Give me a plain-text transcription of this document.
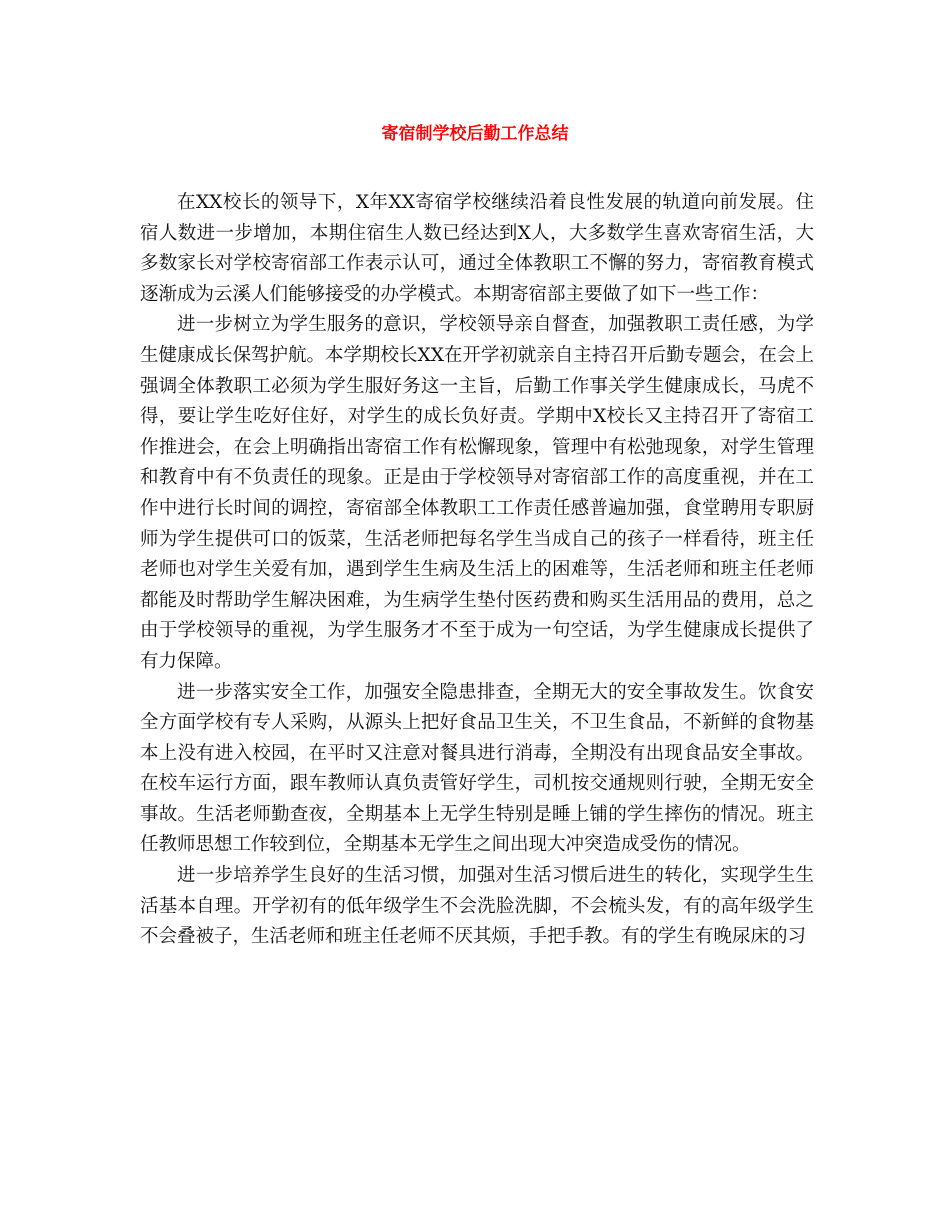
寄宿制学校后勤工作总结

在XX校长的领导下，X年XX寄宿学校继续沿着良性发展的轨道向前发展。住宿人数进一步增加，本期住宿生人数已经达到X人，大多数学生喜欢寄宿生活，大多数家长对学校寄宿部工作表示认可，通过全体教职工不懈的努力，寄宿教育模式逐渐成为云溪人们能够接受的办学模式。本期寄宿部主要做了如下一些工作：

进一步树立为学生服务的意识，学校领导亲自督查，加强教职工责任感，为学生健康成长保驾护航。本学期校长XX在开学初就亲自主持召开后勤专题会，在会上强调全体教职工必须为学生服好务这一主旨，后勤工作事关学生健康成长，马虎不得，要让学生吃好住好，对学生的成长负好责。学期中X校长又主持召开了寄宿工作推进会，在会上明确指出寄宿工作有松懈现象，管理中有松弛现象，对学生管理和教育中有不负责任的现象。正是由于学校领导对寄宿部工作的高度重视，并在工作中进行长时间的调控，寄宿部全体教职工工作责任感普遍加强，食堂聘用专职厨师为学生提供可口的饭菜，生活老师把每名学生当成自己的孩子一样看待，班主任老师也对学生关爱有加，遇到学生生病及生活上的困难等，生活老师和班主任老师都能及时帮助学生解决困难，为生病学生垫付医药费和购买生活用品的费用，总之由于学校领导的重视，为学生服务才不至于成为一句空话，为学生健康成长提供了有力保障。

进一步落实安全工作，加强安全隐患排查，全期无大的安全事故发生。饮食安全方面学校有专人采购，从源头上把好食品卫生关，不卫生食品，不新鲜的食物基本上没有进入校园，在平时又注意对餐具进行消毒，全期没有出现食品安全事故。在校车运行方面，跟车教师认真负责管好学生，司机按交通规则行驶，全期无安全事故。生活老师勤查夜，全期基本上无学生特别是睡上铺的学生摔伤的情况。班主任教师思想工作较到位，全期基本无学生之间出现大冲突造成受伤的情况。

进一步培养学生良好的生活习惯，加强对生活习惯后进生的转化，实现学生生活基本自理。开学初有的低年级学生不会洗脸洗脚，不会梳头发，有的高年级学生不会叠被子，生活老师和班主任老师不厌其烦，手把手教。有的学生有晚尿床的习
